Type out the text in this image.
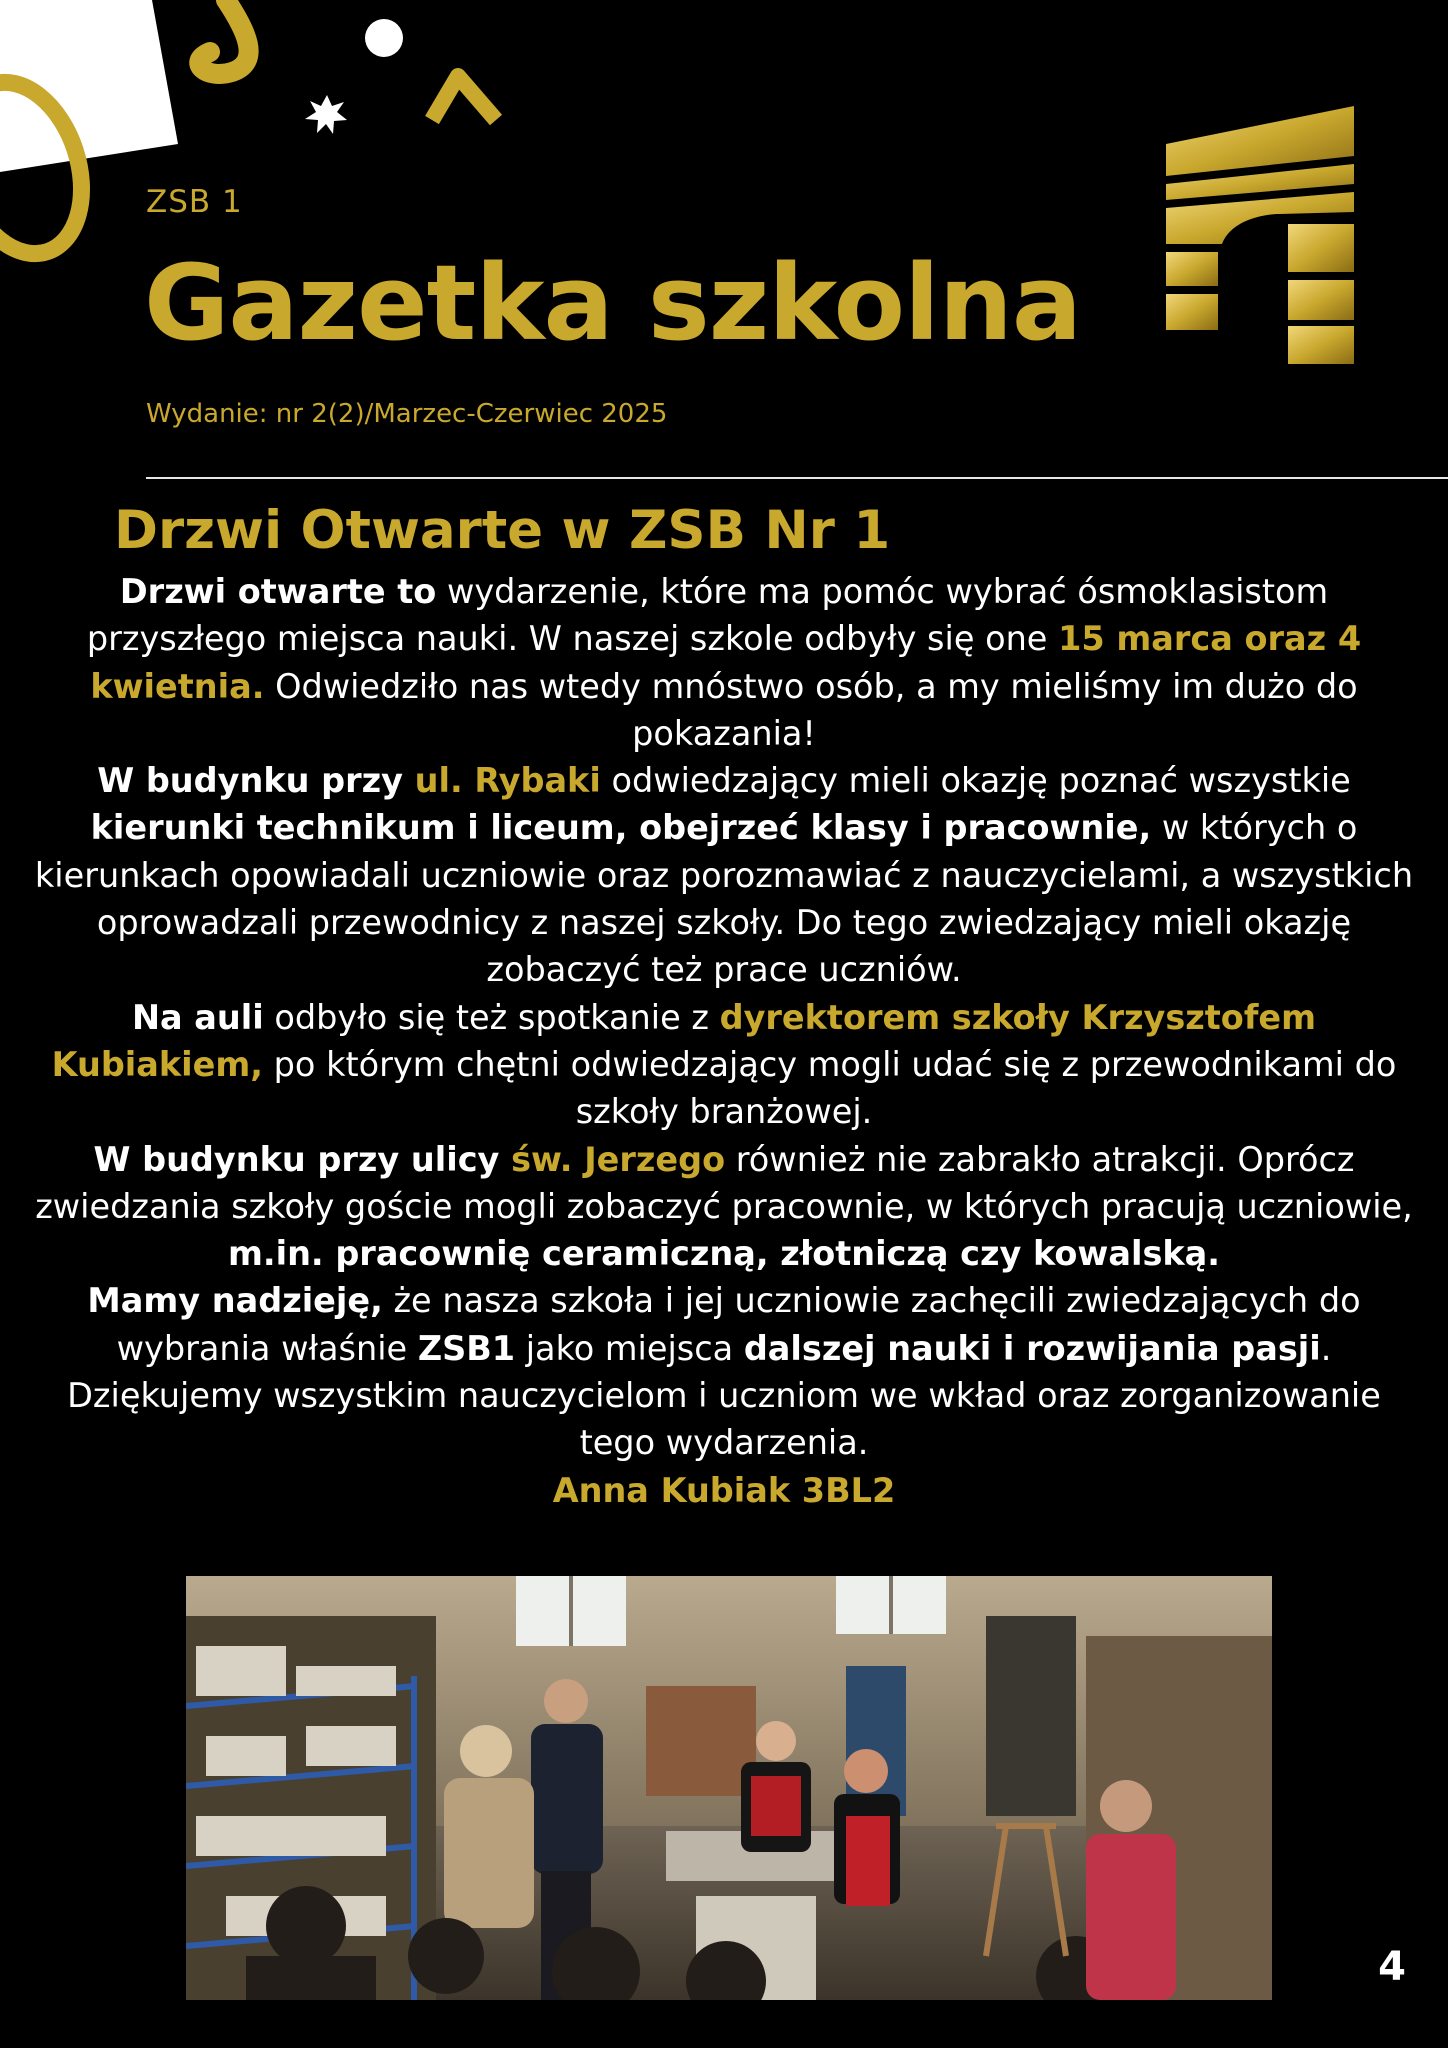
ZSB 1
Gazetka szkolna
Wydanie: nr 2(2)/Marzec-Czerwiec 2025
Drzwi Otwarte w ZSB Nr 1

Drzwi otwarte to wydarzenie, które ma pomóc wybrać ósmoklasistom przyszłego miejsca nauki. W naszej szkole odbyły się one 15 marca oraz 4 kwietnia. Odwiedziło nas wtedy mnóstwo osób, a my mieliśmy im dużo do pokazania!

W budynku przy ul. Rybaki odwiedzający mieli okazję poznać wszystkie kierunki technikum i liceum, obejrzeć klasy i pracownie, w których o kierunkach opowiadali uczniowie oraz porozmawiać z nauczycielami, a wszystkich oprowadzali przewodnicy z naszej szkoły. Do tego zwiedzający mieli okazję zobaczyć też prace uczniów.

Na auli odbyło się też spotkanie z dyrektorem szkoły Krzysztofem Kubiakiem, po którym chętni odwiedzający mogli udać się z przewodnikami do szkoły branżowej.

W budynku przy ulicy św. Jerzego również nie zabrakło atrakcji. Oprócz zwiedzania szkoły goście mogli zobaczyć pracownie, w których pracują uczniowie, m.in. pracownię ceramiczną, złotniczą czy kowalską.

Mamy nadzieję, że nasza szkoła i jej uczniowie zachęcili zwiedzających do wybrania właśnie ZSB1 jako miejsca dalszej nauki i rozwijania pasji. Dziękujemy wszystkim nauczycielom i uczniom we wkład oraz zorganizowanie tego wydarzenia.

Anna Kubiak 3BL2

4
